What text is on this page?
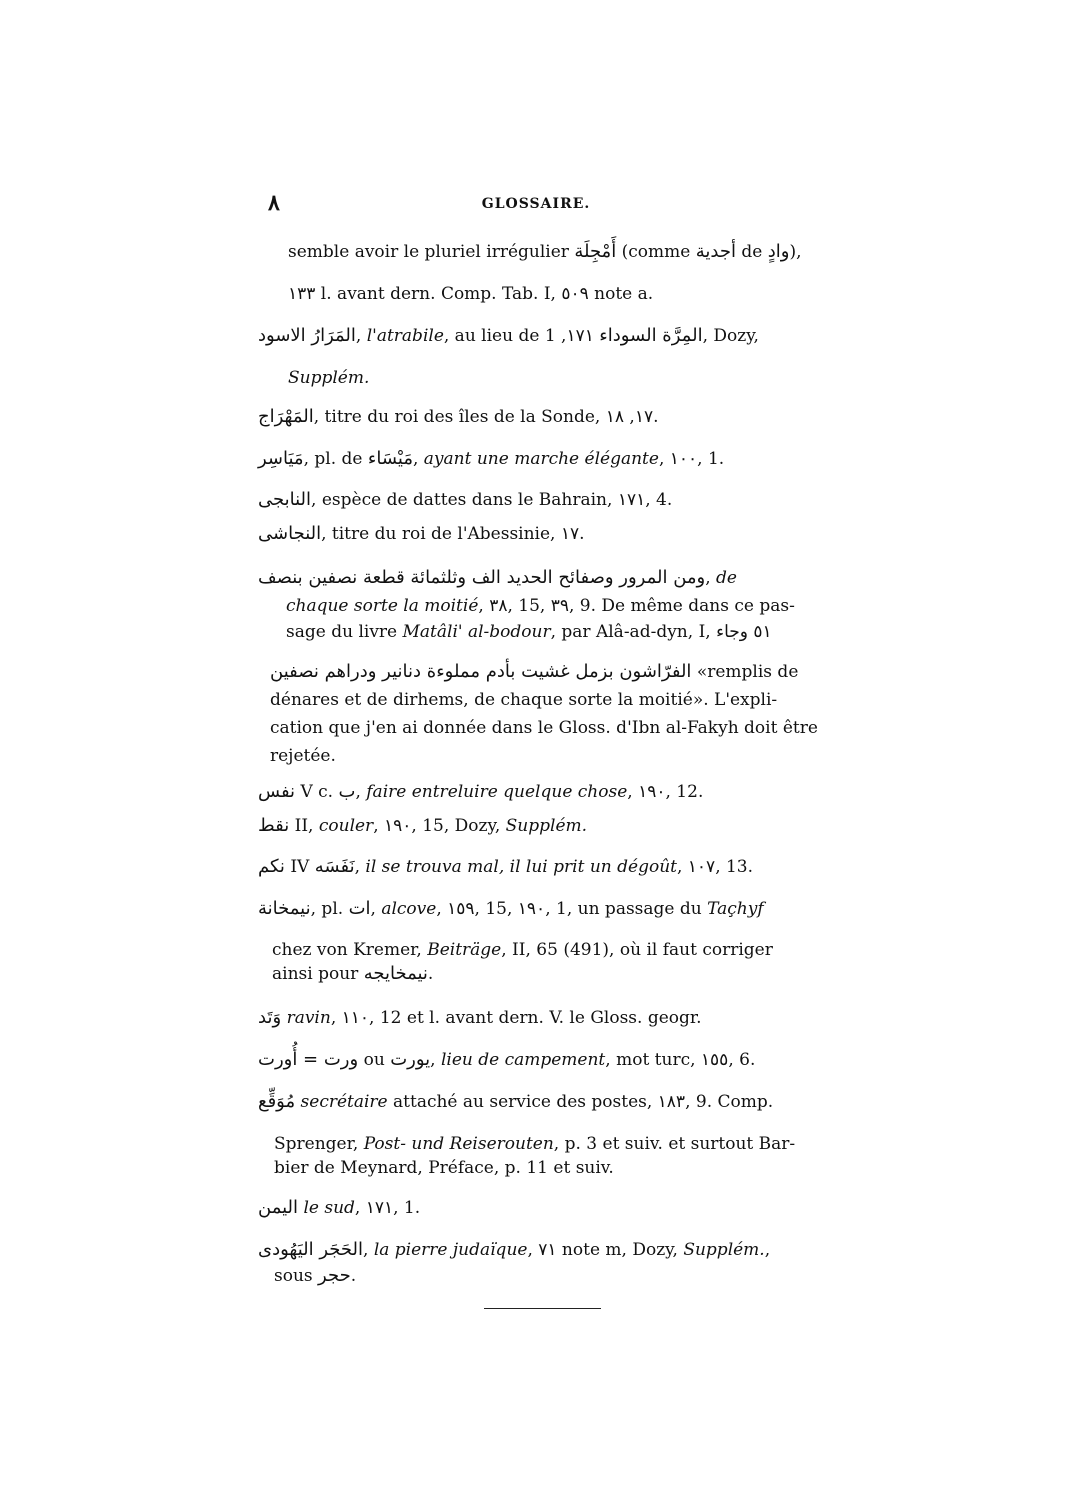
٨	GLOSSAIRE.
semble avoir le pluriel irrégulier أَمْجِلَة (comme أجدية de وادٍ),
١٣٣ l. avant dern. Comp. Tab. I, ٥٠٩ note a.
المَرَارُ الاسود, l'atrabile, au lieu de	المِرَّة السوداء ١٧١, 1, Dozy,
Supplém.
المَهْرَاج, titre du roi des îles de la Sonde, ١٧, ١٨.
مَيَاسِر, pl. de مَيْسَاء, ayant une marche élégante, ١٠٠, 1.
النابجى, espèce de dattes dans le Bahrain, ١٧١, 4.
النجاشى, titre du roi de l'Abessinie, ١٧.
ومن المرور وصفائح الحديد الف وثلثمائة قطعة نصفين بنصف, de
chaque sorte la moitié, ٣٨, 15, ٣٩, 9. De même dans ce pas-
sage du livre Matâli' al-bodour, par Alâ-ad-dyn, I, ٥١ وجاء
الفرّاشون بزمل غشيت بأدم مملوءة دنانير ودراهم نصفين «remplis de
dénares et de dirhems, de chaque sorte la moitié». L'expli-
cation que j'en ai donnée dans le Gloss. d'Ibn al-Fakyh doit être
rejetée.
نفس V c. ب, faire entreluire quelque chose, ١٩٠, 12.
نقط II, couler, ١٩٠, 15, Dozy, Supplém.
نكم IV نَفَسَه, il se trouva mal, il lui prit un dégoût, ١٠٧, 13.
نيمخانة, pl. ات, alcove, ١٥٩, 15, ١٩٠, 1, un passage du Taçhyf
chez von Kremer, Beiträge, II, 65 (491), où il faut corriger
ainsi pour نيمخايجه.
وَتَد ravin, ١١٠, 12 et l. avant dern. V. le Gloss. geogr.
ورت = أُورت ou يورت, lieu de campement, mot turc, ١٥٥, 6.
مُوَقِّع secrétaire attaché au service des postes, ١٨٣, 9. Comp.
Sprenger, Post- und Reiserouten, p. 3 et suiv. et surtout Bar-
bier de Meynard, Préface, p. 11 et suiv.
اليمن le sud, ١٧١, 1.
الحَجَر اليَهُودى, la pierre judaïque, ٧١ note m, Dozy, Supplém.,
sous حجر.
